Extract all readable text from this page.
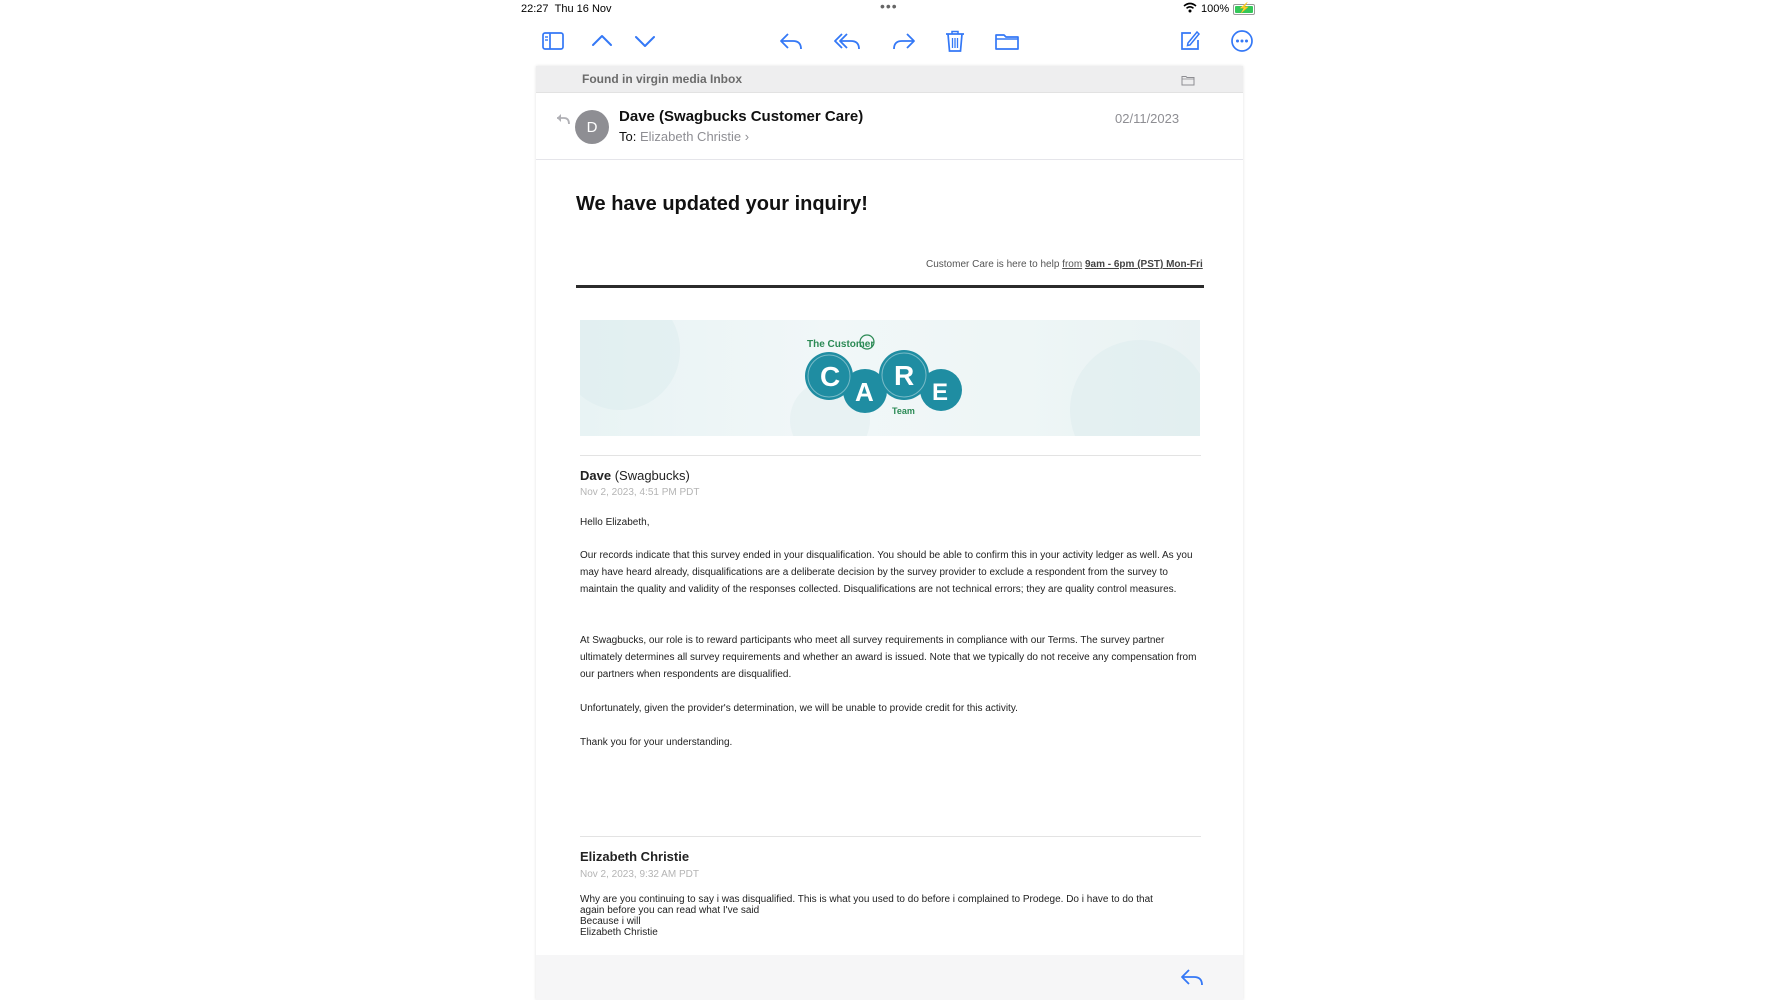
22:27 Thu 16 Nov	•••	100% ⚡
Found in virgin media Inbox
D
Dave (Swagbucks Customer Care)
To: Elizabeth Christie ›
02/11/2023
We have updated your inquiry!
Customer Care is here to help from 9am - 6pm (PST) Mon-Fri
The Customer
C A
R
E
Team
Dave (Swagbucks)
Nov 2, 2023, 4:51 PM PDT
Hello Elizabeth,
Our records indicate that this survey ended in your disqualification. You should be able to confirm this in your activity ledger as well. As you may have heard already, disqualifications are a deliberate decision by the survey provider to exclude a respondent from the survey to maintain the quality and validity of the responses collected. Disqualifications are not technical errors; they are quality control measures.
At Swagbucks, our role is to reward participants who meet all survey requirements in compliance with our Terms. The survey partner ultimately determines all survey requirements and whether an award is issued. Note that we typically do not receive any compensation from our partners when respondents are disqualified.
Unfortunately, given the provider's determination, we will be unable to provide credit for this activity.
Thank you for your understanding.
Elizabeth Christie
Nov 2, 2023, 9:32 AM PDT
Why are you continuing to say i was disqualified. This is what you used to do before i complained to Prodege. Do i have to do that
again before you can read what I've said
Because i will
Elizabeth Christie
